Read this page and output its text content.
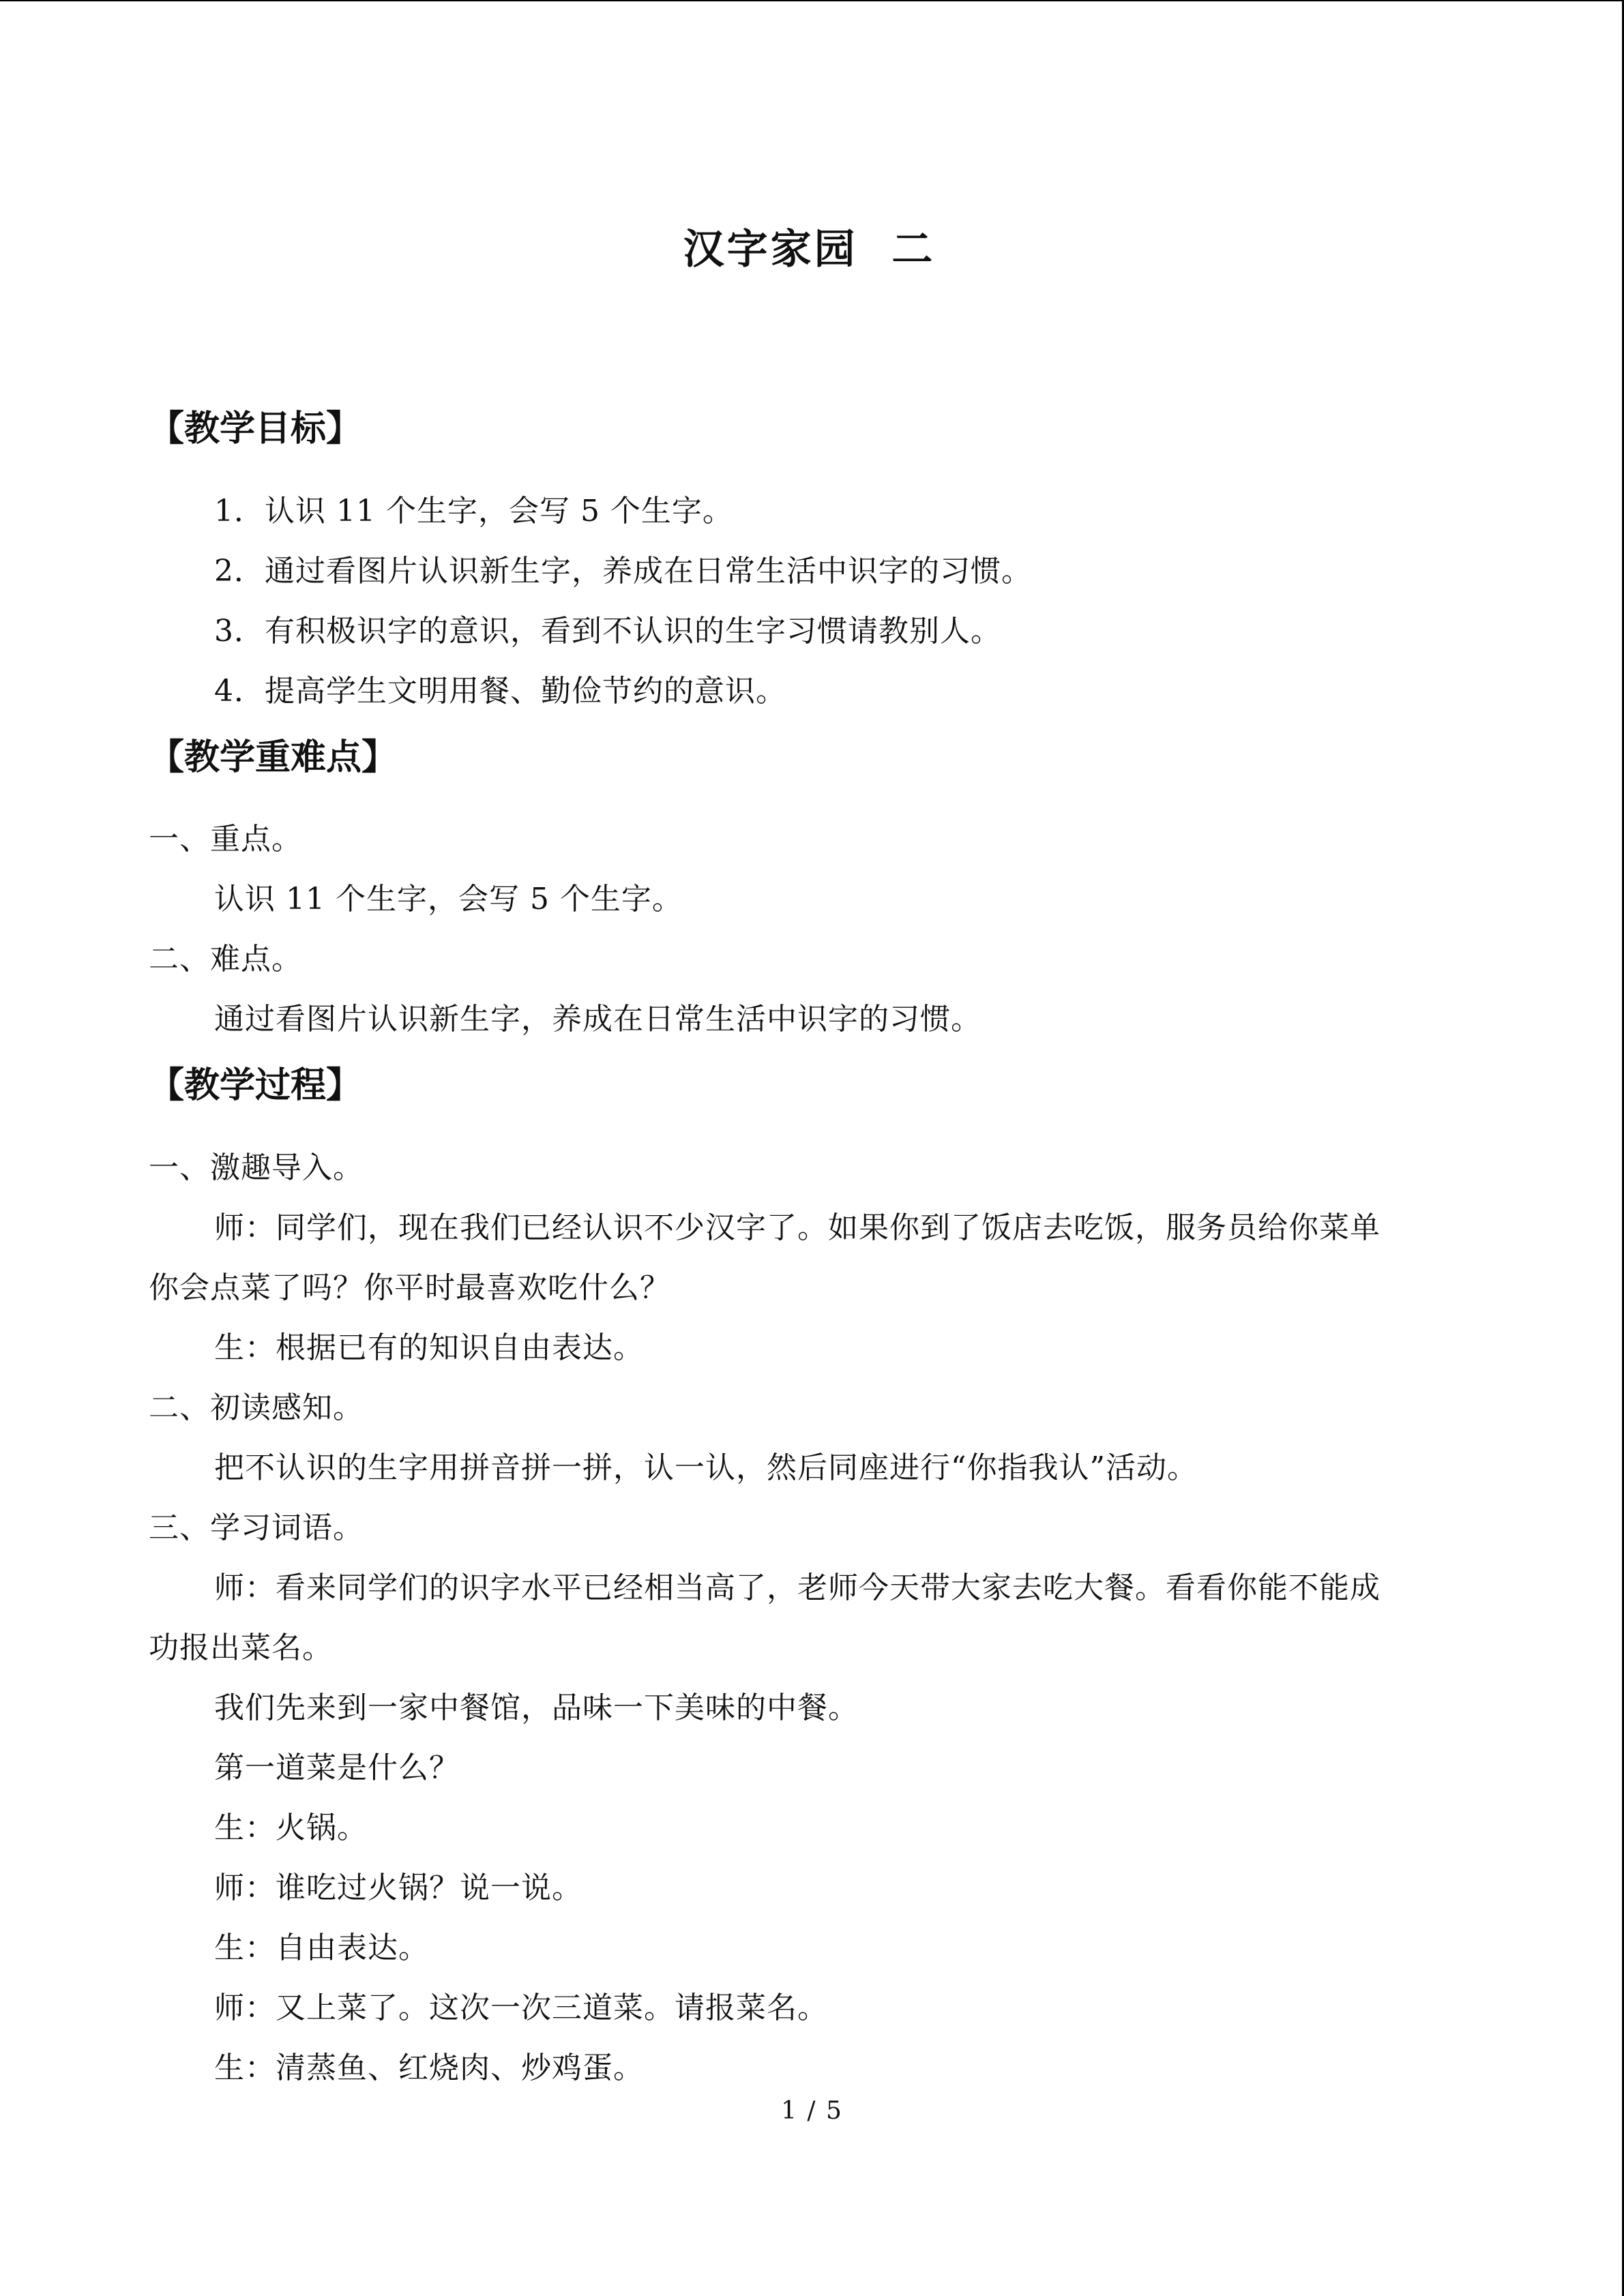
汉字家园  二
【教学目标】
1．认识 11 个生字，会写 5 个生字。
2．通过看图片认识新生字，养成在日常生活中识字的习惯。
3．有积极识字的意识，看到不认识的生字习惯请教别人。
4．提高学生文明用餐、勤俭节约的意识。
【教学重难点】
一、重点。
认识 11 个生字，会写 5 个生字。
二、难点。
通过看图片认识新生字，养成在日常生活中识字的习惯。
【教学过程】
一、激趣导入。
师：同学们，现在我们已经认识不少汉字了。如果你到了饭店去吃饭，服务员给你菜单
你会点菜了吗？你平时最喜欢吃什么？
生：根据已有的知识自由表达。
二、初读感知。
把不认识的生字用拼音拼一拼，认一认，然后同座进行“你指我认”活动。
三、学习词语。
师：看来同学们的识字水平已经相当高了，老师今天带大家去吃大餐。看看你能不能成
功报出菜名。
我们先来到一家中餐馆，品味一下美味的中餐。
第一道菜是什么？
生：火锅。
师：谁吃过火锅？说一说。
生：自由表达。
师：又上菜了。这次一次三道菜。请报菜名。
生：清蒸鱼、红烧肉、炒鸡蛋。
1 / 5
